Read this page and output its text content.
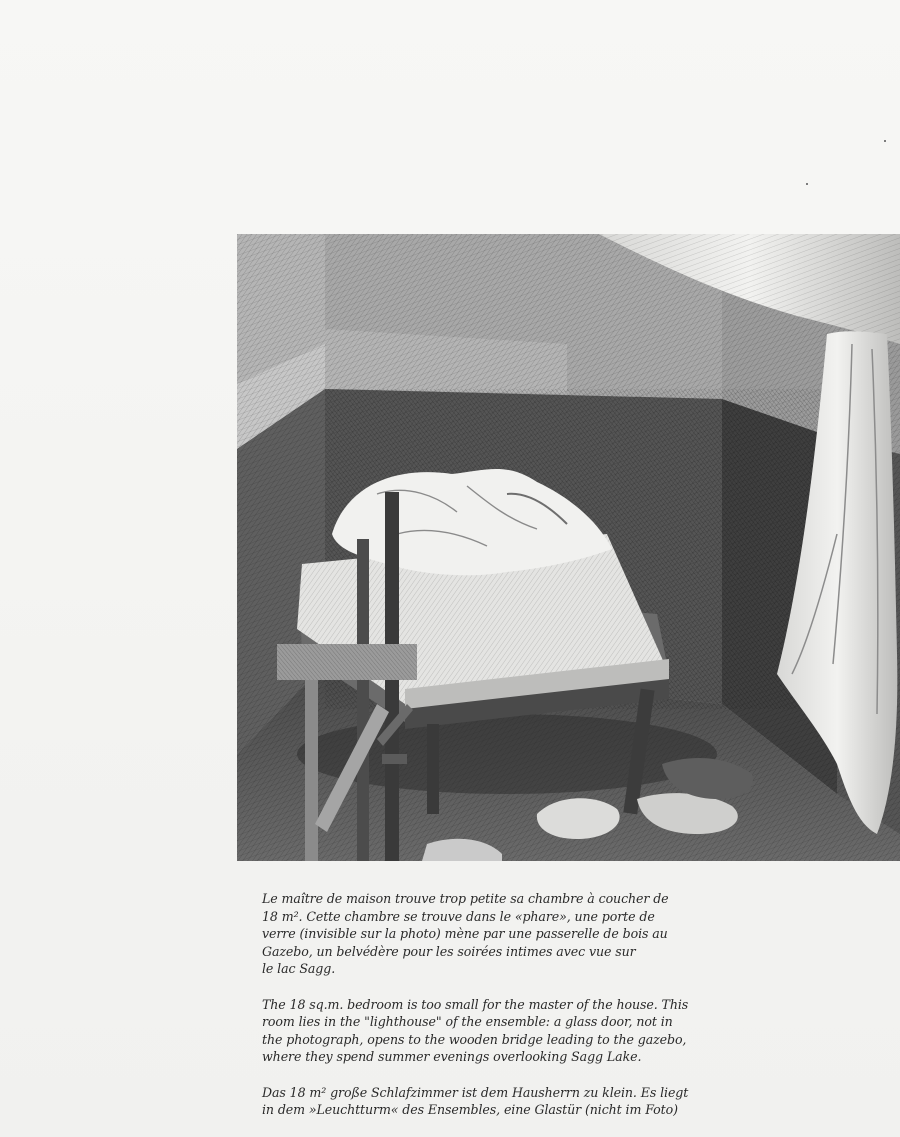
Le maître de maison trouve trop petite sa chambre à coucher de
18 m². Cette chambre se trouve dans le «phare», une porte de
verre (invisible sur la photo) mène par une passerelle de bois au
Gazebo, un belvédère pour les soirées intimes avec vue sur
le lac Sagg.

The 18 sq.m. bedroom is too small for the master of the house. This
room lies in the "lighthouse" of the ensemble: a glass door, not in
the photograph, opens to the wooden bridge leading to the gazebo,
where they spend summer evenings overlooking Sagg Lake.

Das 18 m² große Schlafzimmer ist dem Hausherrn zu klein. Es liegt
in dem »Leuchtturm« des Ensembles, eine Glastür (nicht im Foto)
